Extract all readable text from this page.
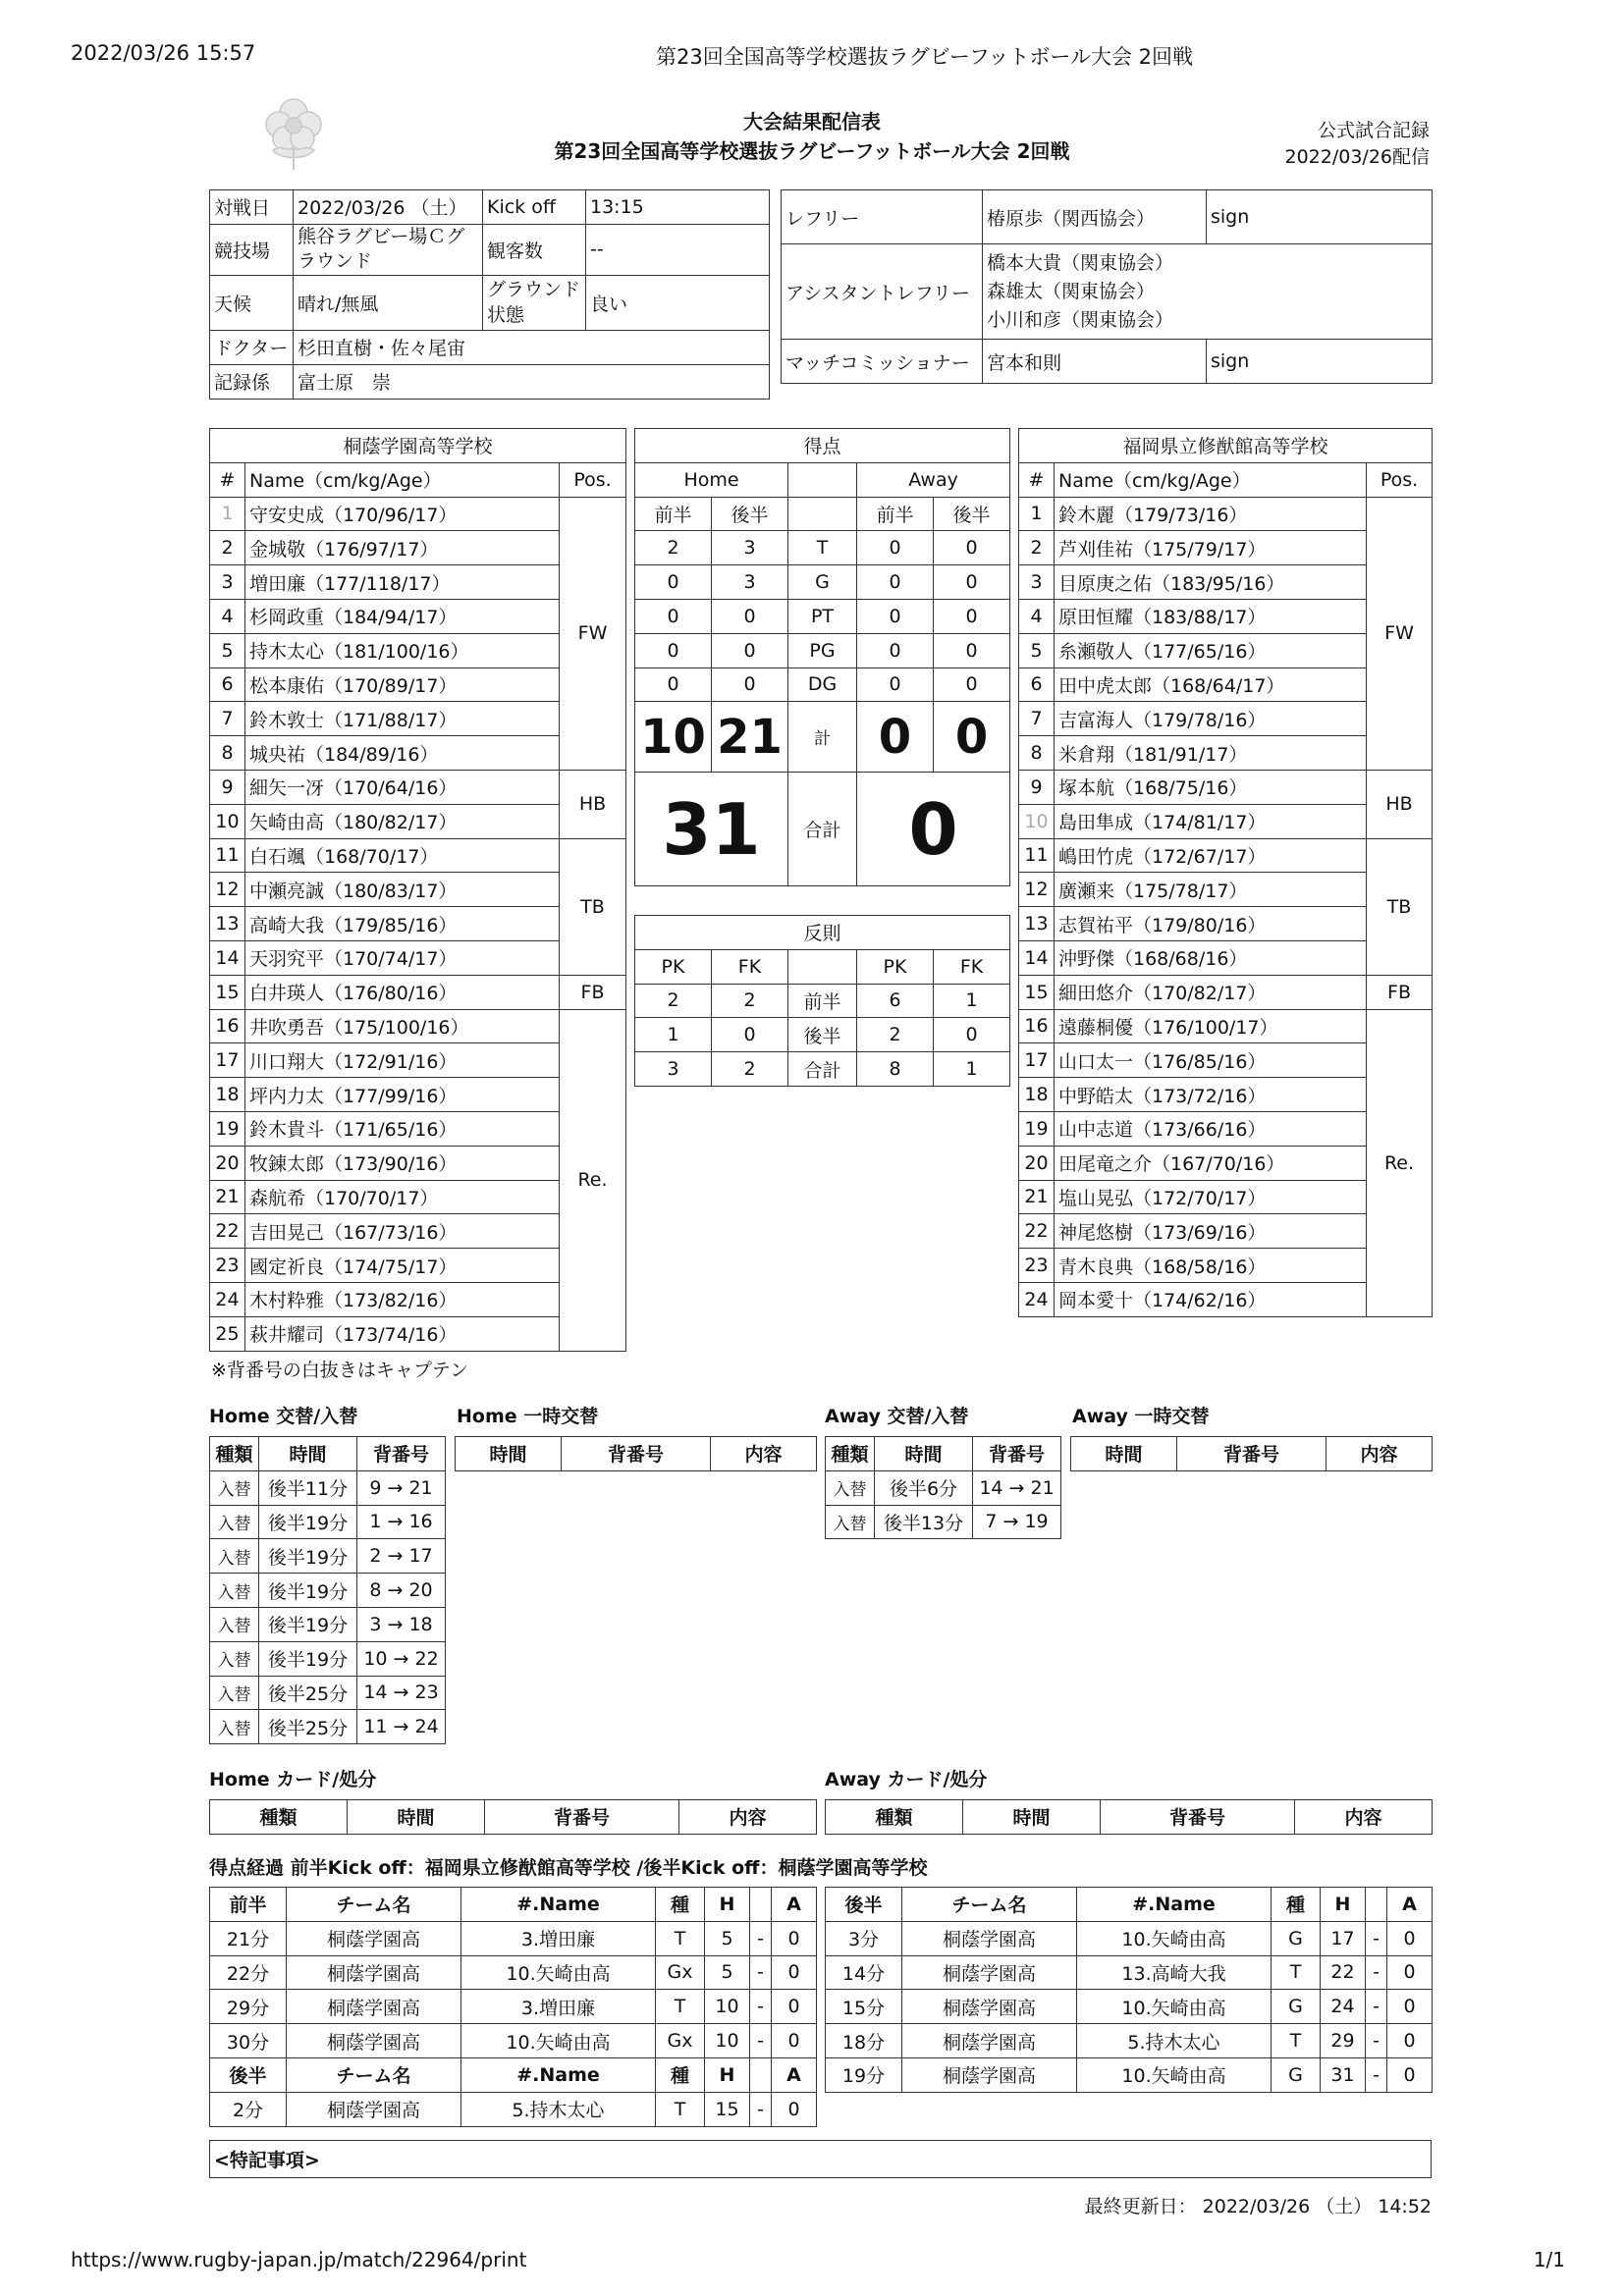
2022/03/26 15:57	第23回全国高等学校選抜ラグビーフットボール大会 2回戦
大会結果配信表
第23回全国高等学校選抜ラグビーフットボール大会 2回戦
公式試合記録
2022/03/26配信
対戦日	2022/03/26 （土）	Kick off	13:15
競技場	熊谷ラグビー場Ｃグラウンド	観客数	--
天候	晴れ/無風	グラウンド状態	良い
ドクター	杉田直樹・佐々尾宙		
記録係	富士原　崇		
レフリー	椿原歩（関西協会）	sign
アシスタントレフリー	橋本大貴（関東協会）
森雄太（関東協会）
小川和彦（関東協会）	

マッチコミッショナー	宮本和則	sign
桐蔭学園高等学校		
#	Name（cm/kg/Age）	Pos.
1	守安史成（170/96/17）	FW
2	金城敬（176/97/17）	
3	増田廉（177/118/17）	
4	杉岡政重（184/94/17）	
5	持木太心（181/100/16）	
6	松本康佑（170/89/17）	
7	鈴木敦士（171/88/17）	
8	城央祐（184/89/16）	
9	細矢一冴（170/64/16）	HB
10	矢崎由高（180/82/17）	
11	白石颯（168/70/17）	TB
12	中瀬亮誠（180/83/17）	
13	高崎大我（179/85/16）	
14	天羽究平（170/74/17）	
15	白井瑛人（176/80/16）	FB
16	井吹勇吾（175/100/16）	Re.
17	川口翔大（172/91/16）	
18	坪内力太（177/99/16）	
19	鈴木貴斗（171/65/16）	
20	牧錬太郎（173/90/16）	
21	森航希（170/70/17）	
22	吉田晃己（167/73/16）	
23	國定祈良（174/75/17）	
24	木村粋雅（173/82/16）	
25	萩井耀司（173/74/16）	
福岡県立修猷館高等学校		
#	Name（cm/kg/Age）	Pos.
1	鈴木麗（179/73/16）	FW
2	芦刈佳祐（175/79/17）	
3	目原庚之佑（183/95/16）	
4	原田恒耀（183/88/17）	
5	糸瀬敬人（177/65/16）	
6	田中虎太郎（168/64/17）	
7	吉富海人（179/78/16）	
8	米倉翔（181/91/17）	
9	塚本航（168/75/16）	HB
10	島田隼成（174/81/17）	
11	嶋田竹虎（172/67/17）	TB
12	廣瀬来（175/78/17）	
13	志賀祐平（179/80/16）	
14	沖野傑（168/68/16）	
15	細田悠介（170/82/17）	FB
16	遠藤桐優（176/100/17）	Re.
17	山口太一（176/85/16）	
18	中野皓太（173/72/16）	
19	山中志道（173/66/16）	
20	田尾竜之介（167/70/16）	
21	塩山晃弘（172/70/17）	
22	神尾悠樹（173/69/16）	
23	青木良典（168/58/16）	
24	岡本愛十（174/62/16）	
得点				
Home			Away	
前半	後半		前半	後半
2	3	T	0	0
0	3	G	0	0
0	0	PT	0	0
0	0	PG	0	0
0	0	DG	0	0
10	21	計	0	0
31		合計	0	
反則				
PK	FK		PK	FK
2	2	前半	6	1
1	0	後半	2	0
3	2	合計	8	1
※背番号の白抜きはキャプテン
Home 交替/入替	Home 一時交替	Away 交替/入替	Away 一時交替
種類	時間	背番号
入替	後半11分	9 → 21
入替	後半19分	1 → 16
入替	後半19分	2 → 17
入替	後半19分	8 → 20
入替	後半19分	3 → 18
入替	後半19分	10 → 22
入替	後半25分	14 → 23
入替	後半25分	11 → 24
時間	背番号	内容	種類	時間	背番号
入替	後半6分	14 → 21
入替	後半13分	7 → 19
時間	背番号	内容
Home カード/処分	Away カード/処分
種類	時間	背番号	内容	種類	時間	背番号	内容
得点経過 前半Kick off：福岡県立修猷館高等学校 /後半Kick off：桐蔭学園高等学校
前半	チーム名	#.Name	種	H		A
21分	桐蔭学園高	3.増田廉	T	5	-	0
22分	桐蔭学園高	10.矢崎由高	Gx	5	-	0
29分	桐蔭学園高	3.増田廉	T	10	-	0
30分	桐蔭学園高	10.矢崎由高	Gx	10	-	0
後半	チーム名	#.Name	種	H		A
2分	桐蔭学園高	5.持木太心	T	15	-	0
後半	チーム名	#.Name	種	H		A
3分	桐蔭学園高	10.矢崎由高	G	17	-	0
14分	桐蔭学園高	13.高崎大我	T	22	-	0
15分	桐蔭学園高	10.矢崎由高	G	24	-	0
18分	桐蔭学園高	5.持木太心	T	29	-	0
19分	桐蔭学園高	10.矢崎由高	G	31	-	0
<特記事項>
最終更新日： 2022/03/26 （土） 14:52
https://www.rugby-japan.jp/match/22964/print	1/1
